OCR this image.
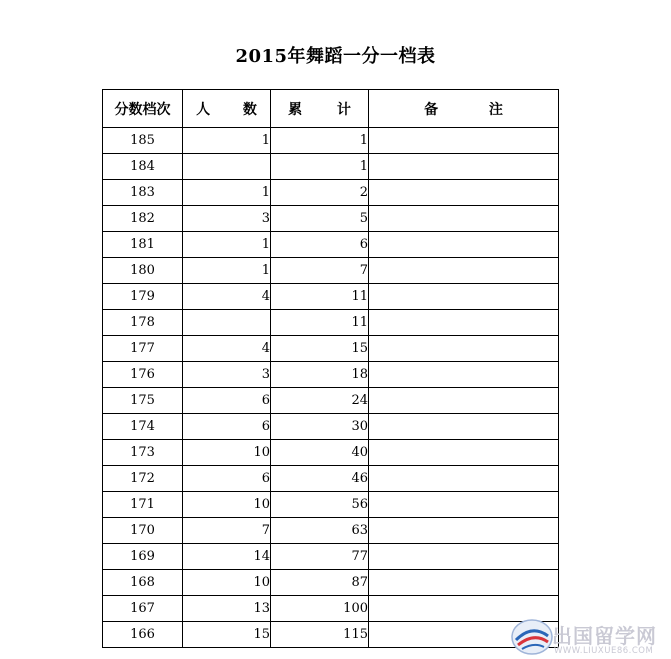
2015年舞蹈一分一档表
分数档次	人 数	累 计	备 注
185	1	1	
184		1	
183	1	2	
182	3	5	
181	1	6	
180	1	7	
179	4	11	
178		11	
177	4	15	
176	3	18	
175	6	24	
174	6	30	
173	10	40	
172	6	46	
171	10	56	
170	7	63	
169	14	77	
168	10	87	
167	13	100	
166	15	115		出国留学网
WWW.LIUXUE86.COM
